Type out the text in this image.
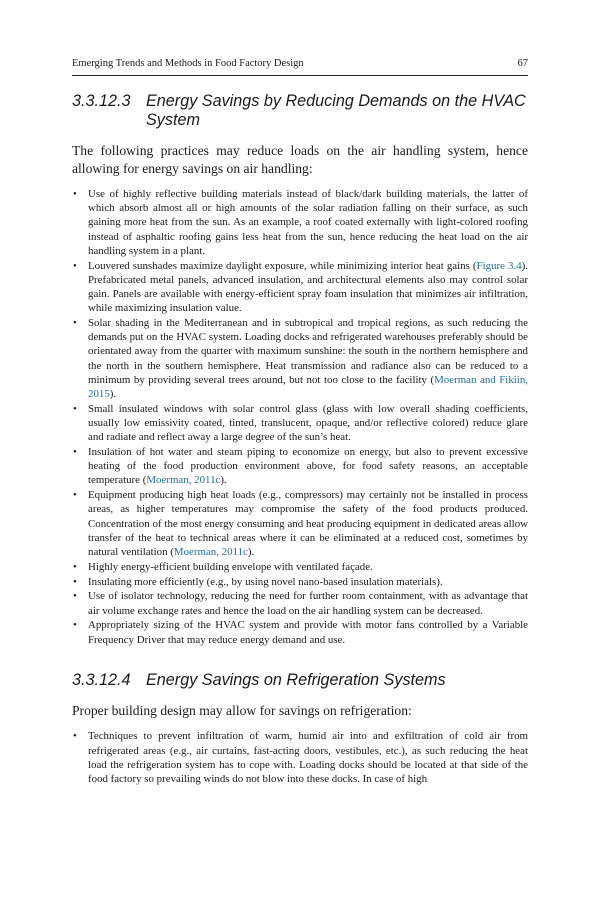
Emerging Trends and Methods in Food Factory Design	67
3.3.12.3 Energy Savings by Reducing Demands on the HVAC System

The following practices may reduce loads on the air handling system, hence allowing for energy savings on air handling:

• Use of highly reflective building materials instead of black/dark building materials, the latter of which absorb almost all or high amounts of the solar radiation falling on their surface, as such gaining more heat from the sun. As an example, a roof coated externally with light-colored roofing instead of asphaltic roofing gains less heat from the sun, hence reducing the heat load on the air handling system in a plant.
• Louvered sunshades maximize daylight exposure, while minimizing interior heat gains (Figure 3.4). Prefabricated metal panels, advanced insulation, and architectural elements also may control solar gain. Panels are available with energy-efficient spray foam insulation that minimizes air infiltration, while maximizing insulation value.
• Solar shading in the Mediterranean and in subtropical and tropical regions, as such reducing the demands put on the HVAC system. Loading docks and refrigerated warehouses preferably should be orientated away from the quarter with maximum sunshine: the south in the northern hemisphere and the north in the southern hemisphere. Heat transmission and radiance also can be reduced to a minimum by providing several trees around, but not too close to the facility (Moerman and Fikiin, 2015).
• Small insulated windows with solar control glass (glass with low overall shading coefficients, usually low emissivity coated, tinted, translucent, opaque, and/or reflective colored) reduce glare and radiate and reflect away a large degree of the sun’s heat.
• Insulation of hot water and steam piping to economize on energy, but also to prevent excessive heating of the food production environment above, for food safety reasons, an acceptable temperature (Moerman, 2011c).
• Equipment producing high heat loads (e.g., compressors) may certainly not be installed in process areas, as higher temperatures may compromise the safety of the food products produced. Concentration of the most energy consuming and heat producing equipment in dedicated areas allow transfer of the heat to technical areas where it can be eliminated at a reduced cost, sometimes by natural ventilation (Moerman, 2011c).
• Highly energy-efficient building envelope with ventilated façade.
• Insulating more efficiently (e.g., by using novel nano-based insulation materials).
• Use of isolator technology, reducing the need for further room containment, with as advantage that air volume exchange rates and hence the load on the air handling system can be decreased.
• Appropriately sizing of the HVAC system and provide with motor fans controlled by a Variable Frequency Driver that may reduce energy demand and use.
3.3.12.4 Energy Savings on Refrigeration Systems

Proper building design may allow for savings on refrigeration:

• Techniques to prevent infiltration of warm, humid air into and exfiltration of cold air from refrigerated areas (e.g., air curtains, fast-acting doors, vestibules, etc.), as such reducing the heat load the refrigeration system has to cope with. Loading docks should be located at that side of the food factory so prevailing winds do not blow into these docks. In case of high
